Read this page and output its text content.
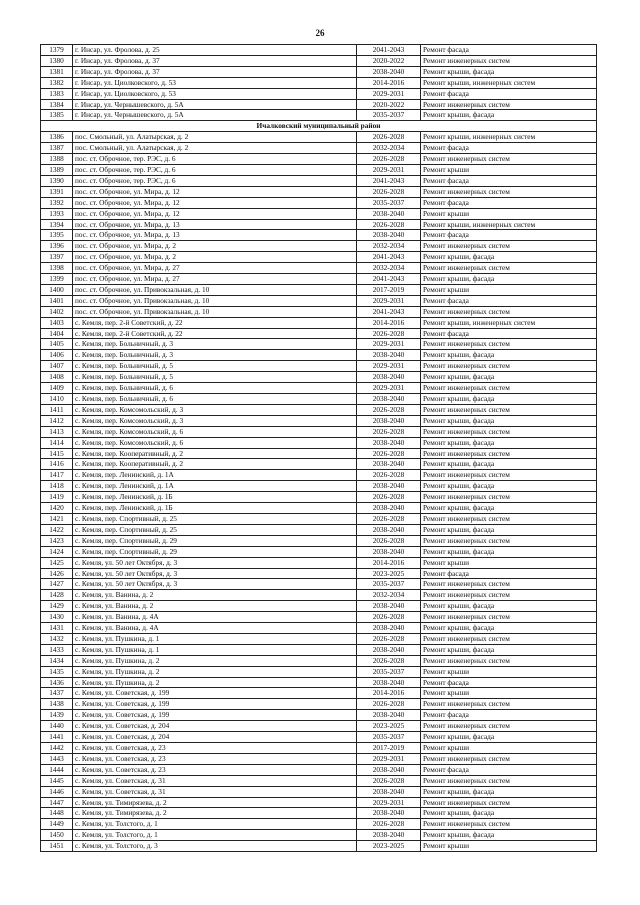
26
1379	г. Инсар, ул. Фролова, д. 25	2041-2043	Ремонт фасада
1380	г. Инсар, ул. Фролова, д. 37	2020-2022	Ремонт инженерных систем
1381	г. Инсар, ул. Фролова, д. 37	2038-2040	Ремонт крыши, фасада
1382	г. Инсар, ул. Циолковского, д. 53	2014-2016	Ремонт крыши, инженерных систем
1383	г. Инсар, ул. Циолковского, д. 53	2029-2031	Ремонт фасада
1384	г. Инсар, ул. Чернышевского, д. 5А	2020-2022	Ремонт инженерных систем
1385	г. Инсар, ул. Чернышевского, д. 5А	2035-2037	Ремонт крыши, фасада
Ичалковский муниципальный район			
1386	пос. Смольный, ул. Алатырская, д. 2	2026-2028	Ремонт крыши, инженерных систем
1387	пос. Смольный, ул. Алатырская, д. 2	2032-2034	Ремонт фасада
1388	пос. ст. Оброчное, тер. РЭС, д. 6	2026-2028	Ремонт инженерных систем
1389	пос. ст. Оброчное, тер. РЭС, д. 6	2029-2031	Ремонт крыши
1390	пос. ст. Оброчное, тер. РЭС, д. 6	2041-2043	Ремонт фасада
1391	пос. ст. Оброчное, ул. Мира, д. 12	2026-2028	Ремонт инженерных систем
1392	пос. ст. Оброчное, ул. Мира, д. 12	2035-2037	Ремонт фасада
1393	пос. ст. Оброчное, ул. Мира, д. 12	2038-2040	Ремонт крыши
1394	пос. ст. Оброчное, ул. Мира, д. 13	2026-2028	Ремонт крыши, инженерных систем
1395	пос. ст. Оброчное, ул. Мира, д. 13	2038-2040	Ремонт фасада
1396	пос. ст. Оброчное, ул. Мира, д. 2	2032-2034	Ремонт инженерных систем
1397	пос. ст. Оброчное, ул. Мира, д. 2	2041-2043	Ремонт крыши, фасада
1398	пос. ст. Оброчное, ул. Мира, д. 27	2032-2034	Ремонт инженерных систем
1399	пос. ст. Оброчное, ул. Мира, д. 27	2041-2043	Ремонт крыши, фасада
1400	пос. ст. Оброчное, ул. Привокзальная, д. 10	2017-2019	Ремонт крыши
1401	пос. ст. Оброчное, ул. Привокзальная, д. 10	2029-2031	Ремонт фасада
1402	пос. ст. Оброчное, ул. Привокзальная, д. 10	2041-2043	Ремонт инженерных систем
1403	с. Кемля, пер. 2-й Советский, д. 22	2014-2016	Ремонт крыши, инженерных систем
1404	с. Кемля, пер. 2-й Советский, д. 22	2026-2028	Ремонт фасада
1405	с. Кемля, пер. Больничный, д. 3	2029-2031	Ремонт инженерных систем
1406	с. Кемля, пер. Больничный, д. 3	2038-2040	Ремонт крыши, фасада
1407	с. Кемля, пер. Больничный, д. 5	2029-2031	Ремонт инженерных систем
1408	с. Кемля, пер. Больничный, д. 5	2038-2040	Ремонт крыши, фасада
1409	с. Кемля, пер. Больничный, д. 6	2029-2031	Ремонт инженерных систем
1410	с. Кемля, пер. Больничный, д. 6	2038-2040	Ремонт крыши, фасада
1411	с. Кемля, пер. Комсомольский, д. 3	2026-2028	Ремонт инженерных систем
1412	с. Кемля, пер. Комсомольский, д. 3	2038-2040	Ремонт крыши, фасада
1413	с. Кемля, пер. Комсомольский, д. 6	2026-2028	Ремонт инженерных систем
1414	с. Кемля, пер. Комсомольский, д. 6	2038-2040	Ремонт крыши, фасада
1415	с. Кемля, пер. Кооперативный, д. 2	2026-2028	Ремонт инженерных систем
1416	с. Кемля, пер. Кооперативный, д. 2	2038-2040	Ремонт крыши, фасада
1417	с. Кемля, пер. Ленинский, д. 1А	2026-2028	Ремонт инженерных систем
1418	с. Кемля, пер. Ленинский, д. 1А	2038-2040	Ремонт крыши, фасада
1419	с. Кемля, пер. Ленинский, д. 1Б	2026-2028	Ремонт инженерных систем
1420	с. Кемля, пер. Ленинский, д. 1Б	2038-2040	Ремонт крыши, фасада
1421	с. Кемля, пер. Спортивный, д. 25	2026-2028	Ремонт инженерных систем
1422	с. Кемля, пер. Спортивный, д. 25	2038-2040	Ремонт крыши, фасада
1423	с. Кемля, пер. Спортивный, д. 29	2026-2028	Ремонт инженерных систем
1424	с. Кемля, пер. Спортивный, д. 29	2038-2040	Ремонт крыши, фасада
1425	с. Кемля, ул. 50 лет Октября, д. 3	2014-2016	Ремонт крыши
1426	с. Кемля, ул. 50 лет Октября, д. 3	2023-2025	Ремонт фасада
1427	с. Кемля, ул. 50 лет Октября, д. 3	2035-2037	Ремонт инженерных систем
1428	с. Кемля, ул. Ванина, д. 2	2032-2034	Ремонт инженерных систем
1429	с. Кемля, ул. Ванина, д. 2	2038-2040	Ремонт крыши, фасада
1430	с. Кемля, ул. Ванина, д. 4А	2026-2028	Ремонт инженерных систем
1431	с. Кемля, ул. Ванина, д. 4А	2038-2040	Ремонт крыши, фасада
1432	с. Кемля, ул. Пушкина, д. 1	2026-2028	Ремонт инженерных систем
1433	с. Кемля, ул. Пушкина, д. 1	2038-2040	Ремонт крыши, фасада
1434	с. Кемля, ул. Пушкина, д. 2	2026-2028	Ремонт инженерных систем
1435	с. Кемля, ул. Пушкина, д. 2	2035-2037	Ремонт крыши
1436	с. Кемля, ул. Пушкина, д. 2	2038-2040	Ремонт фасада
1437	с. Кемля, ул. Советская, д. 199	2014-2016	Ремонт крыши
1438	с. Кемля, ул. Советская, д. 199	2026-2028	Ремонт инженерных систем
1439	с. Кемля, ул. Советская, д. 199	2038-2040	Ремонт фасада
1440	с. Кемля, ул. Советская, д. 204	2023-2025	Ремонт инженерных систем
1441	с. Кемля, ул. Советская, д. 204	2035-2037	Ремонт крыши, фасада
1442	с. Кемля, ул. Советская, д. 23	2017-2019	Ремонт крыши
1443	с. Кемля, ул. Советская, д. 23	2029-2031	Ремонт инженерных систем
1444	с. Кемля, ул. Советская, д. 23	2038-2040	Ремонт фасада
1445	с. Кемля, ул. Советская, д. 31	2026-2028	Ремонт инженерных систем
1446	с. Кемля, ул. Советская, д. 31	2038-2040	Ремонт крыши, фасада
1447	с. Кемля, ул. Тимирязева, д. 2	2029-2031	Ремонт инженерных систем
1448	с. Кемля, ул. Тимирязева, д. 2	2038-2040	Ремонт крыши, фасада
1449	с. Кемля, ул. Толстого, д. 1	2026-2028	Ремонт инженерных систем
1450	с. Кемля, ул. Толстого, д. 1	2038-2040	Ремонт крыши, фасада
1451	с. Кемля, ул. Толстого, д. 3	2023-2025	Ремонт крыши
